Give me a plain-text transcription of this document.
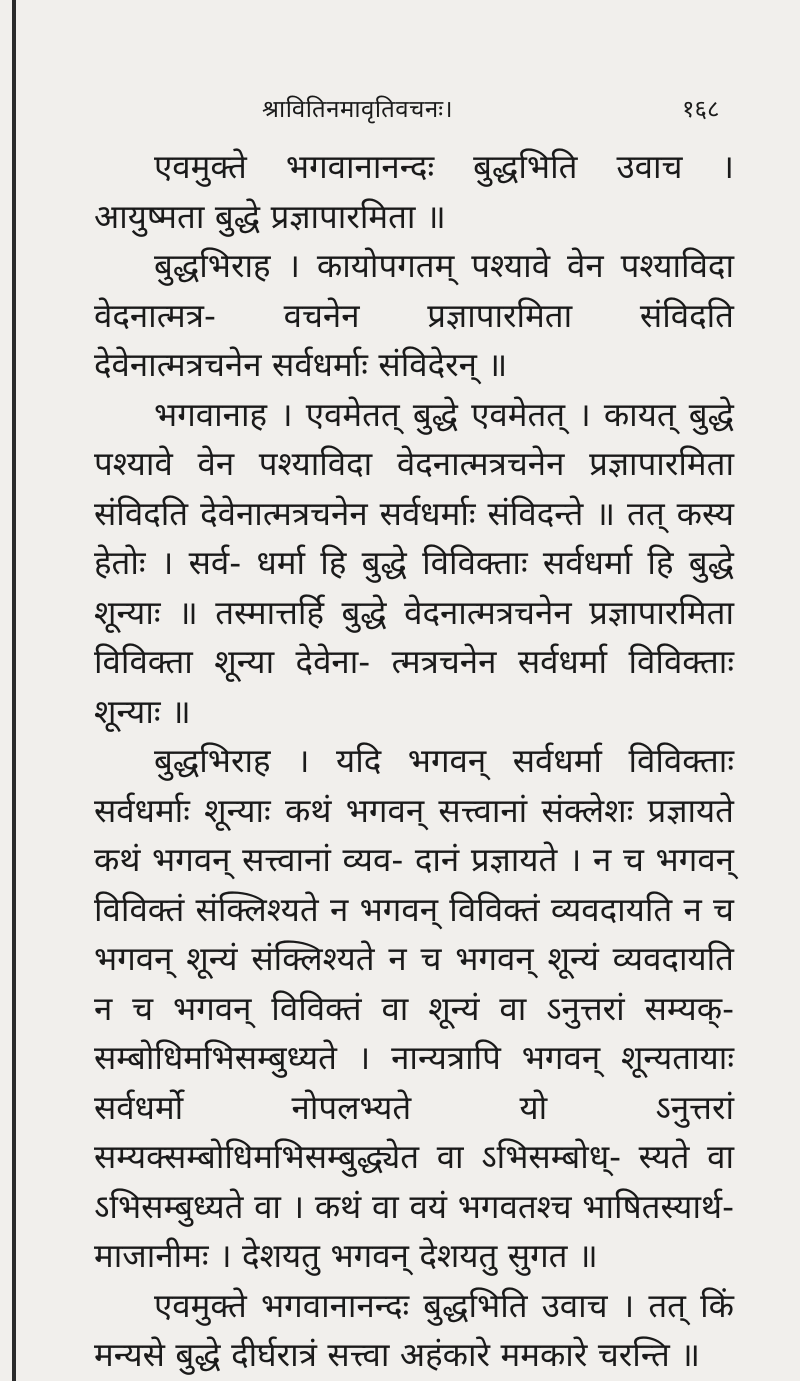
श्रावितिनमावृतिवचनः।	१६८

एवमुक्ते भगवानानन्दः बुद्धभिति उवाच । आयुष्मता बुद्धे प्रज्ञापारमिता ॥

बुद्धभिराह । कायोपगतम् पश्यावे वेन पश्याविदा वेदनात्मत्र- वचनेन प्रज्ञापारमिता संविदति देवेनात्मत्रचनेन सर्वधर्माः संविदेरन् ॥

भगवानाह । एवमेतत् बुद्धे एवमेतत् । कायत् बुद्धे पश्यावे वेन पश्याविदा वेदनात्मत्रचनेन प्रज्ञापारमिता संविदति देवेनात्मत्रचनेन सर्वधर्माः संविदन्ते ॥ तत् कस्य हेतोः । सर्व- धर्मा हि बुद्धे विविक्ताः सर्वधर्मा हि बुद्धे शून्याः ॥ तस्मात्तर्हि बुद्धे वेदनात्मत्रचनेन प्रज्ञापारमिता विविक्ता शून्या देवेना- त्मत्रचनेन सर्वधर्मा विविक्ताः शून्याः ॥

बुद्धभिराह । यदि भगवन् सर्वधर्मा विविक्ताः सर्वधर्माः शून्याः कथं भगवन् सत्त्वानां संक्लेशः प्रज्ञायते कथं भगवन् सत्त्वानां व्यव- दानं प्रज्ञायते । न च भगवन् विविक्तं संक्लिश्यते न भगवन् विविक्तं व्यवदायति न च भगवन् शून्यं संक्लिश्यते न च भगवन् शून्यं व्यवदायति न च भगवन् विविक्तं वा शून्यं वा ऽनुत्तरां सम्यक्- सम्बोधिमभिसम्बुध्यते । नान्यत्रापि भगवन् शून्यतायाः सर्वधर्मो नोपलभ्यते यो ऽनुत्तरां सम्यक्सम्बोधिमभिसम्बुद्ध्येत वा ऽभिसम्बोध्- स्यते वा ऽभिसम्बुध्यते वा । कथं वा वयं भगवतश्च भाषितस्यार्थ- माजानीमः । देशयतु भगवन् देशयतु सुगत ॥

एवमुक्ते भगवानानन्दः बुद्धभिति उवाच । तत् किं मन्यसे बुद्धे दीर्घरात्रं सत्त्वा अहंकारे ममकारे चरन्ति ॥
